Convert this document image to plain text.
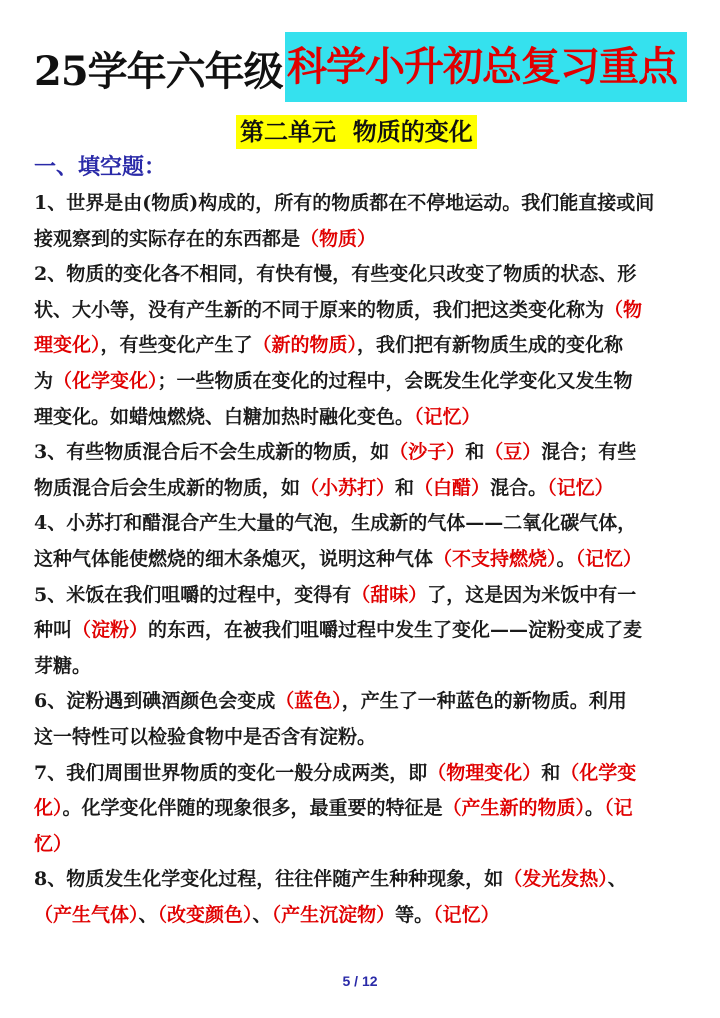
25学年六年级 科学小升初总复习重点
第二单元  物质的变化
一、填空题：

1、世界是由(物质)构成的，所有的物质都在不停地运动。我们能直接或间

接观察到的实际存在的东西都是（物质）

2、物质的变化各不相同，有快有慢，有些变化只改变了物质的状态、形

状、大小等，没有产生新的不同于原来的物质，我们把这类变化称为（物

理变化），有些变化产生了（新的物质），我们把有新物质生成的变化称

为（化学变化）；一些物质在变化的过程中，会既发生化学变化又发生物

理变化。如蜡烛燃烧、白糖加热时融化变色。（记忆）

3、有些物质混合后不会生成新的物质，如（沙子）和（豆）混合；有些

物质混合后会生成新的物质，如（小苏打）和（白醋）混合。（记忆）

4、小苏打和醋混合产生大量的气泡，生成新的气体——二氧化碳气体，

这种气体能使燃烧的细木条熄灭，说明这种气体（不支持燃烧）。（记忆）

5、米饭在我们咀嚼的过程中，变得有（甜味）了，这是因为米饭中有一

种叫（淀粉）的东西，在被我们咀嚼过程中发生了变化——淀粉变成了麦

芽糖。

6、淀粉遇到碘酒颜色会变成（蓝色），产生了一种蓝色的新物质。利用

这一特性可以检验食物中是否含有淀粉。

7、我们周围世界物质的变化一般分成两类，即（物理变化）和（化学变

化）。化学变化伴随的现象很多，最重要的特征是（产生新的物质）。（记

忆）

8、物质发生化学变化过程，往往伴随产生种种现象，如（发光发热）、

（产生气体）、（改变颜色）、（产生沉淀物）等。（记忆）

5 / 12
